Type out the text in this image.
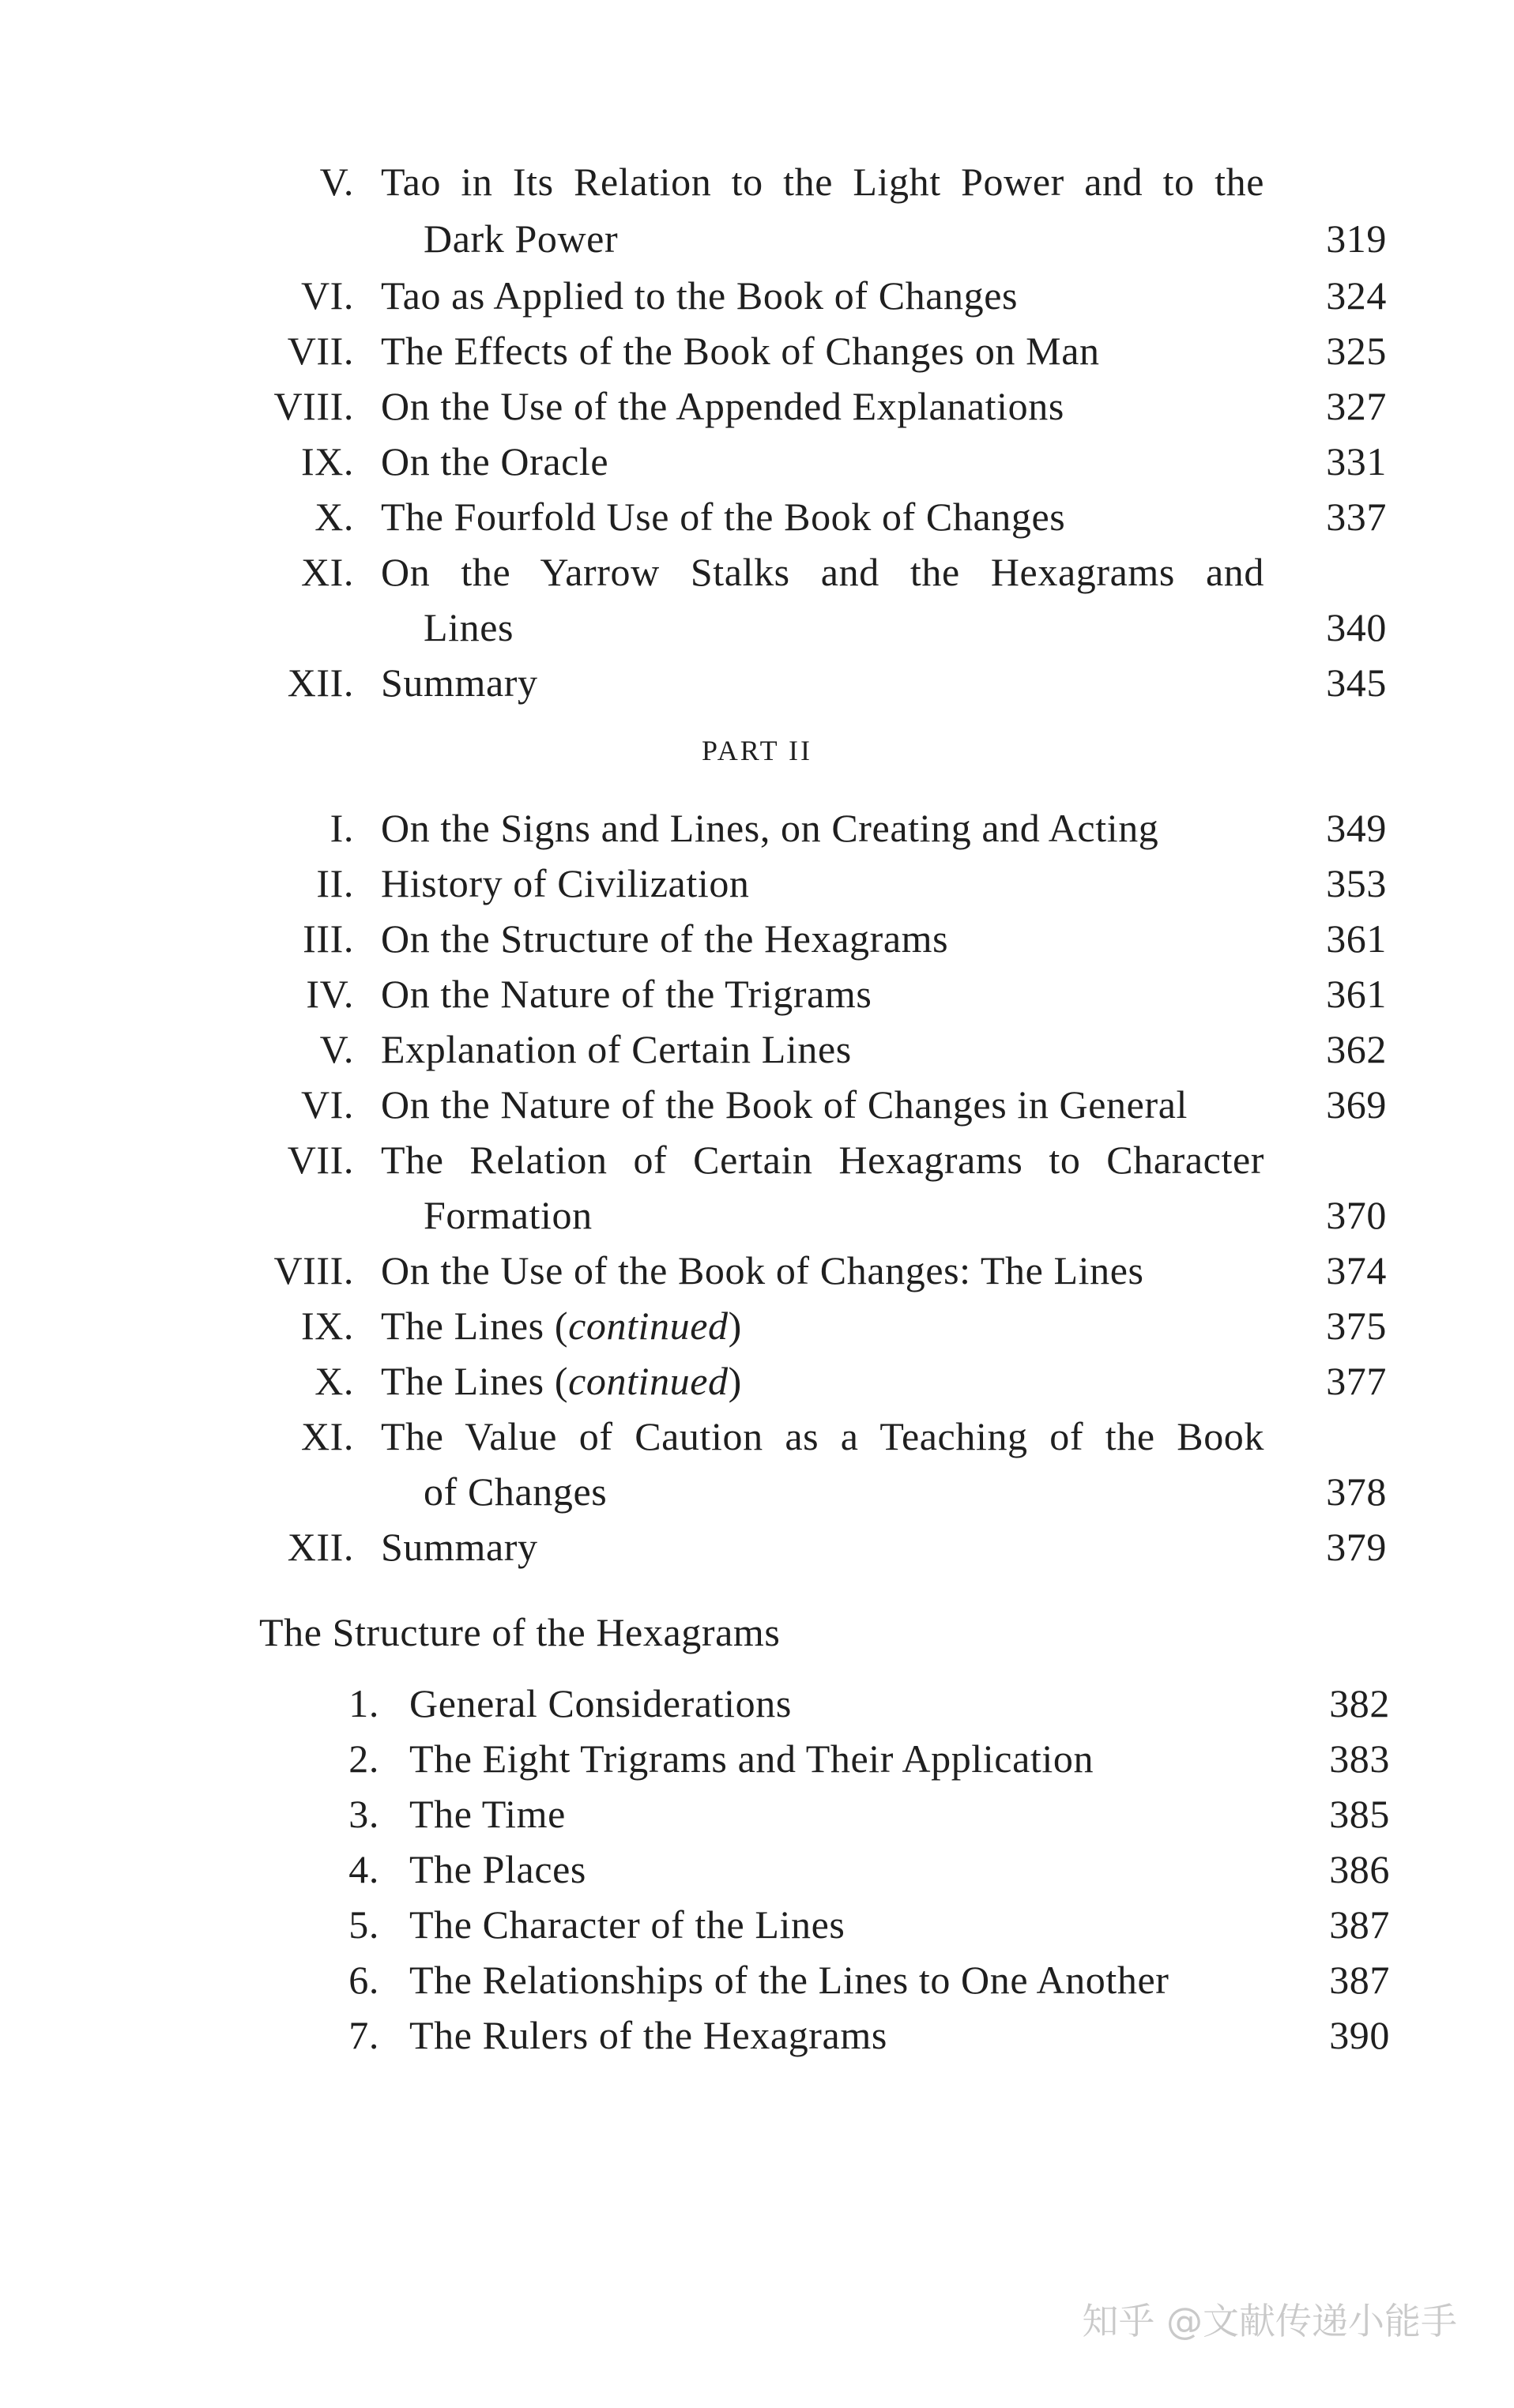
V. Tao in Its Relation to the Light Power and to the
Dark Power	319
VI. Tao as Applied to the Book of Changes	324
VII. The Effects of the Book of Changes on Man	325
VIII. On the Use of the Appended Explanations	327
IX. On the Oracle	331
X. The Fourfold Use of the Book of Changes	337
XI. On the Yarrow Stalks and the Hexagrams and
Lines	340
XII. Summary	345
PART II
I. On the Signs and Lines, on Creating and Acting	349
II. History of Civilization	353
III. On the Structure of the Hexagrams	361
IV. On the Nature of the Trigrams	361
V. Explanation of Certain Lines	362
VI. On the Nature of the Book of Changes in General	369
VII. The Relation of Certain Hexagrams to Character
Formation	370
VIII. On the Use of the Book of Changes: The Lines	374
IX. The Lines (continued)	375
X. The Lines (continued)	377
XI. The Value of Caution as a Teaching of the Book
of Changes	378
XII. Summary	379
The Structure of the Hexagrams
1. General Considerations	382
2. The Eight Trigrams and Their Application	383
3. The Time	385
4. The Places	386
5. The Character of the Lines	387
6. The Relationships of the Lines to One Another	387
7. The Rulers of the Hexagrams	390
知乎 @文献传递小能手
